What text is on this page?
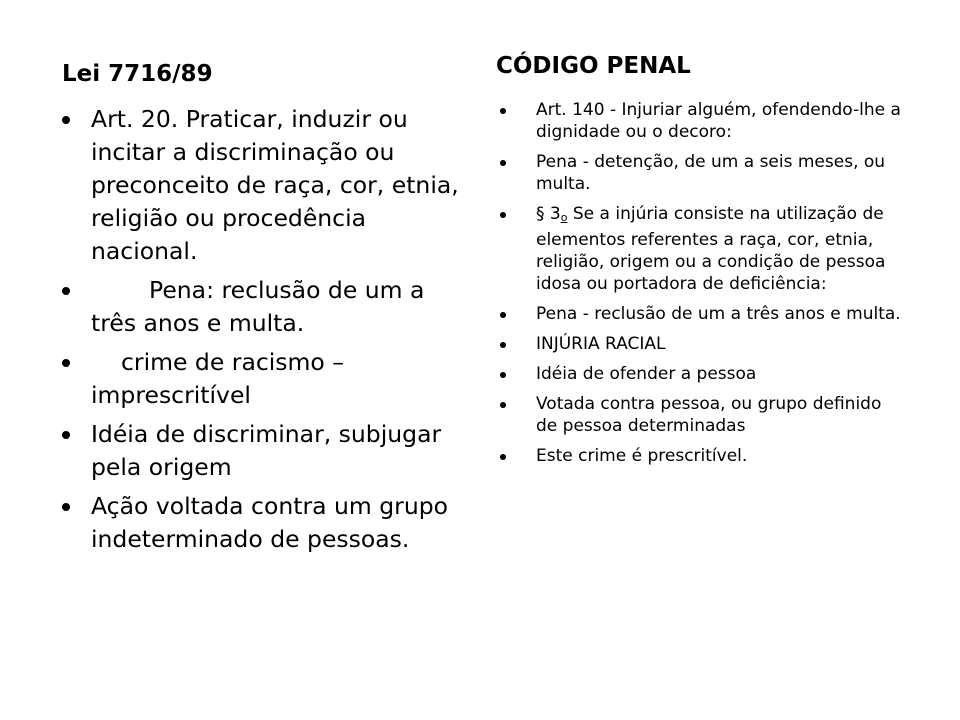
Lei 7716/89
Art. 20. Praticar, induzir ou incitar a discriminação ou preconceito de raça, cor, etnia, religião ou procedência nacional.
Pena: reclusão de um a três anos e multa.
crime de racismo – imprescritível
Idéia de discriminar, subjugar pela origem
Ação voltada contra um grupo indeterminado de pessoas.
CÓDIGO PENAL
Art. 140 - Injuriar alguém, ofendendo-lhe a dignidade ou o decoro:
Pena - detenção, de um a seis meses, ou multa.
§ $3_o$ Se a injúria consiste na utilização de elementos referentes a raça, cor, etnia, religião, origem ou a condição de pessoa idosa ou portadora de deficiência:
Pena - reclusão de um a três anos e multa.
INJÚRIA RACIAL
Idéia de ofender a pessoa
Votada contra pessoa, ou grupo definido de pessoa determinadas
Este crime é prescritível.
